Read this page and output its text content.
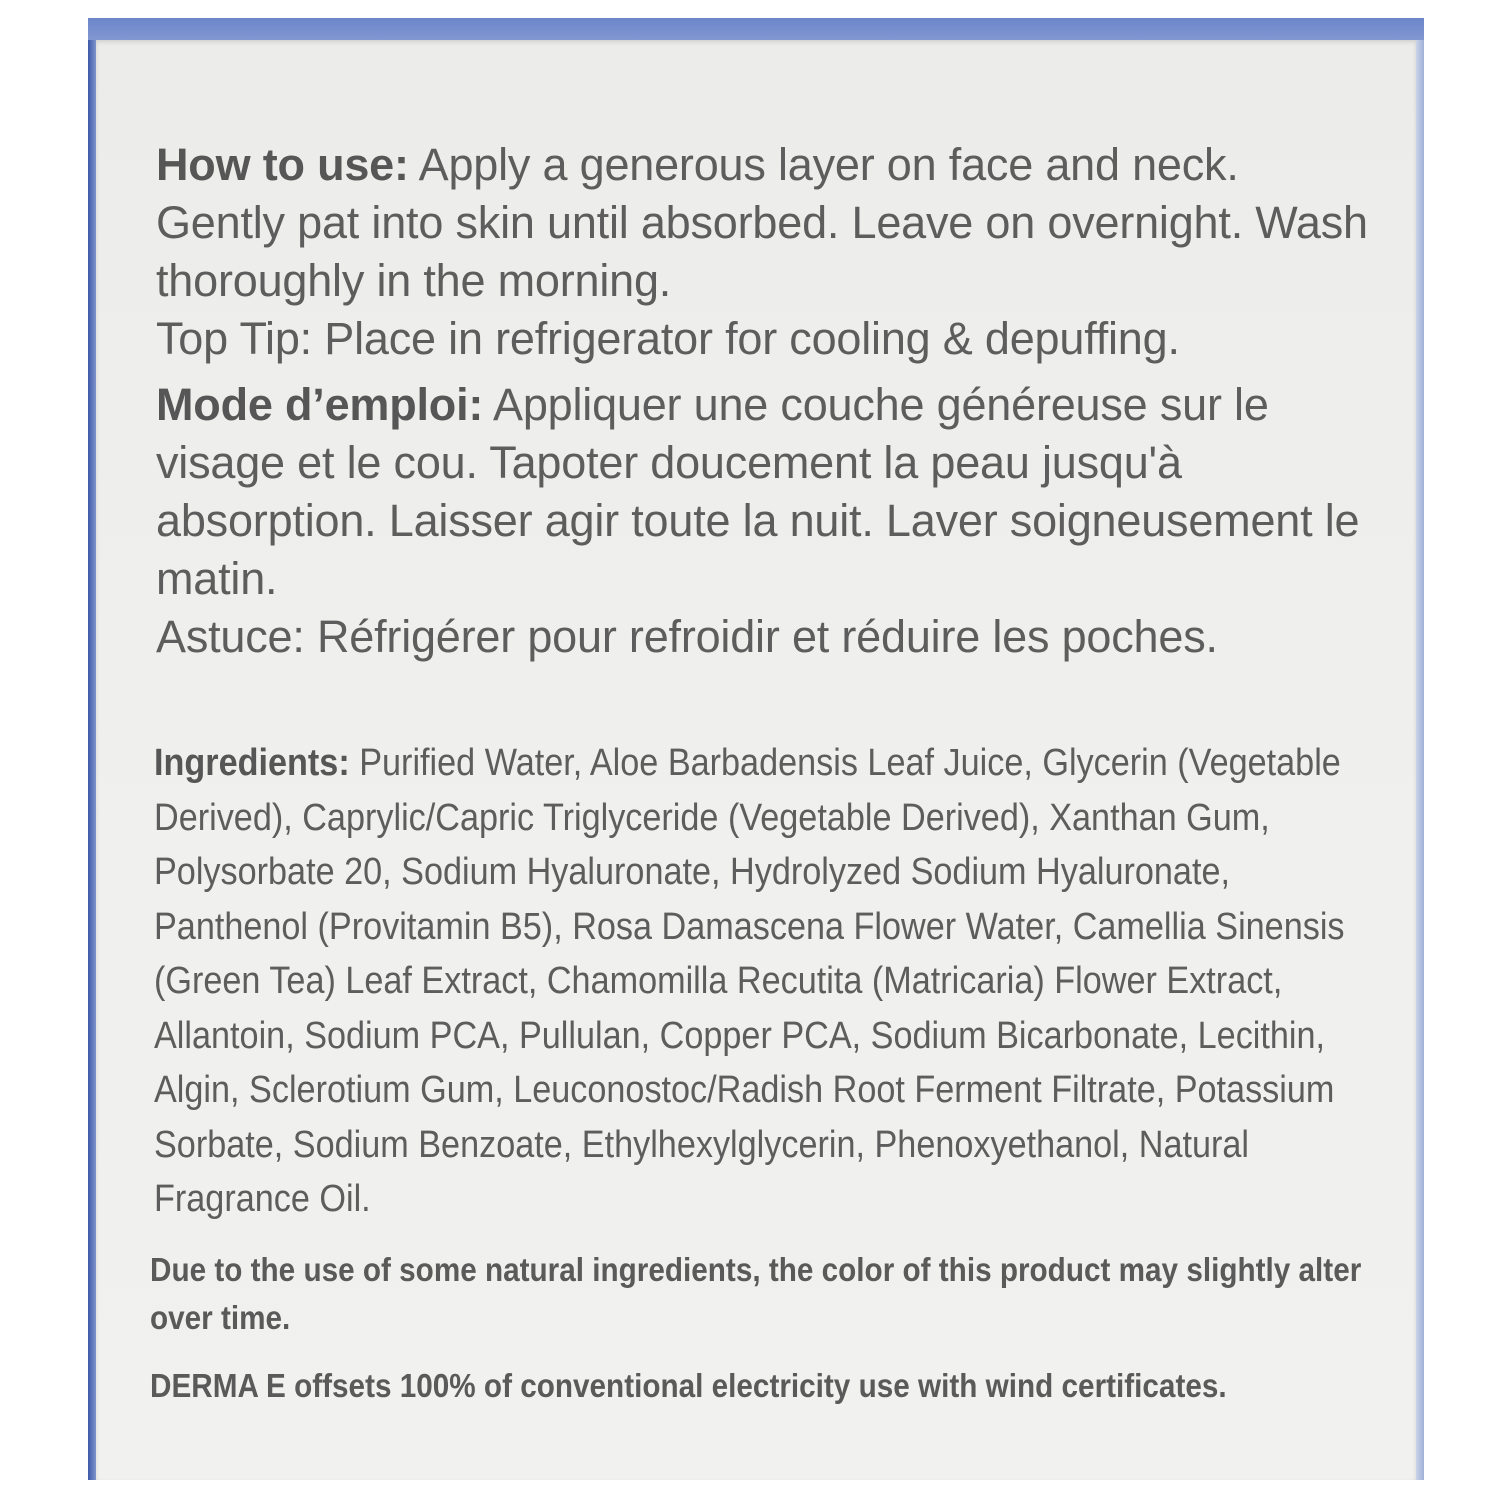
How to use: Apply a generous layer on face and neck. Gently pat into skin until absorbed. Leave on overnight. Wash thoroughly in the morning.

Top Tip: Place in refrigerator for cooling & depuffing.

Mode d’emploi: Appliquer une couche généreuse sur le visage et le cou. Tapoter doucement la peau jusqu'à absorption. Laisser agir toute la nuit. Laver soigneusement le matin.

Astuce: Réfrigérer pour refroidir et réduire les poches.

Ingredients: Purified Water, Aloe Barbadensis Leaf Juice, Glycerin (Vegetable Derived), Caprylic/Capric Triglyceride (Vegetable Derived), Xanthan Gum, Polysorbate 20, Sodium Hyaluronate, Hydrolyzed Sodium Hyaluronate, Panthenol (Provitamin B5), Rosa Damascena Flower Water, Camellia Sinensis (Green Tea) Leaf Extract, Chamomilla Recutita (Matricaria) Flower Extract, Allantoin, Sodium PCA, Pullulan, Copper PCA, Sodium Bicarbonate, Lecithin, Algin, Sclerotium Gum, Leuconostoc/Radish Root Ferment Filtrate, Potassium Sorbate, Sodium Benzoate, Ethylhexylglycerin, Phenoxyethanol, Natural Fragrance Oil.
Due to the use of some natural ingredients, the color of this product may slightly alter over time.
DERMA E offsets 100% of conventional electricity use with wind certificates.
